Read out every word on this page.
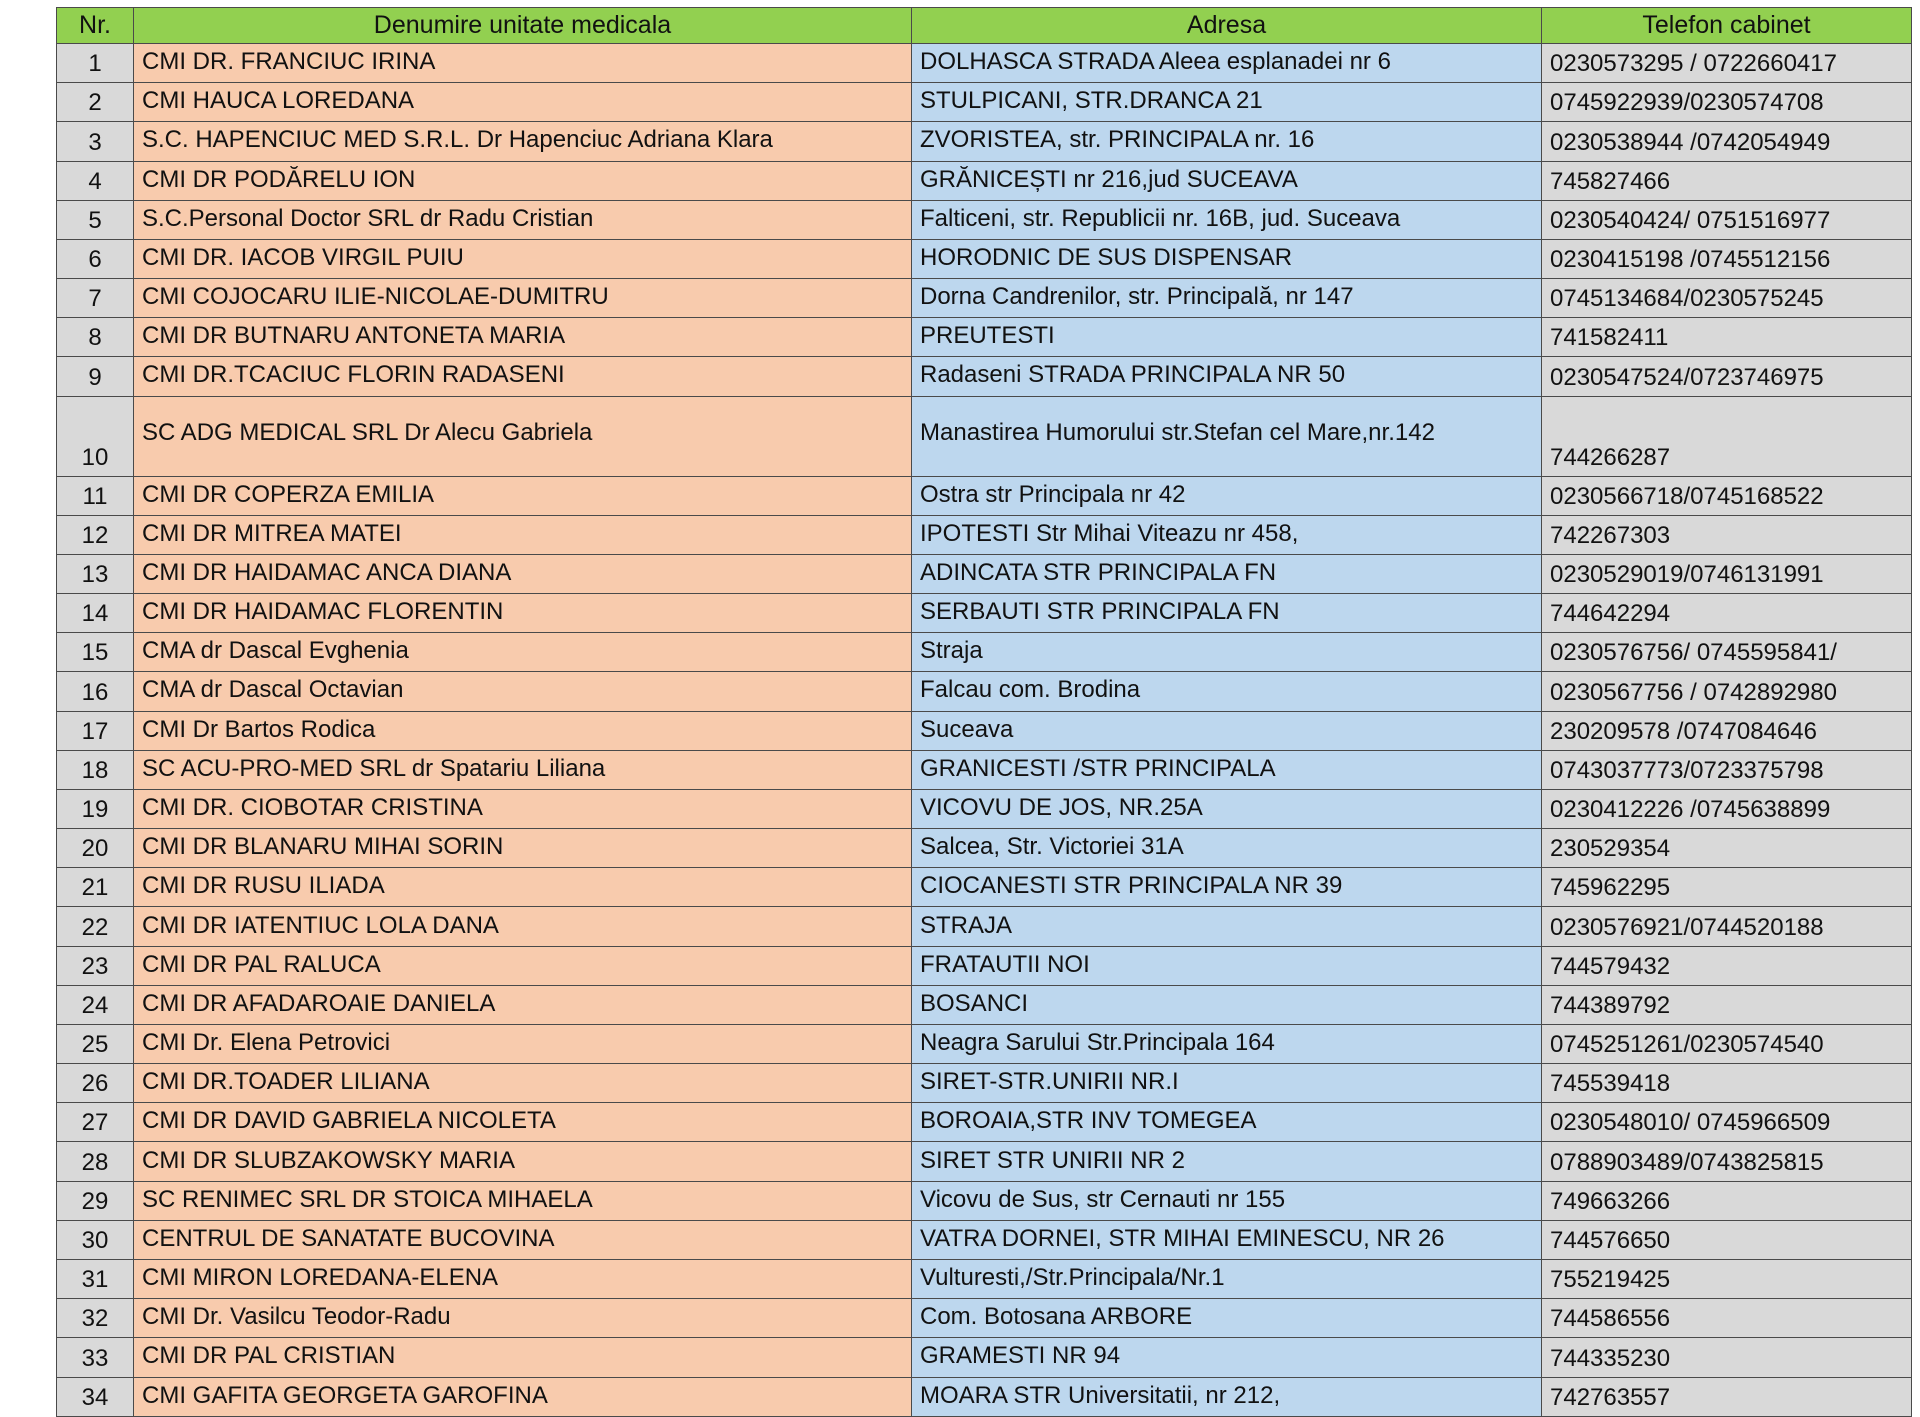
Nr.	Denumire unitate medicala	Adresa	Telefon cabinet
1	CMI DR. FRANCIUC IRINA	DOLHASCA STRADA Aleea esplanadei nr 6	0230573295 / 0722660417
2	CMI HAUCA LOREDANA	STULPICANI, STR.DRANCA 21	0745922939/0230574708
3	S.C. HAPENCIUC MED S.R.L. Dr Hapenciuc Adriana Klara	ZVORISTEA, str. PRINCIPALA nr. 16	0230538944 /0742054949
4	CMI DR PODĂRELU ION	GRĂNICEȘTI nr 216,jud SUCEAVA	745827466
5	S.C.Personal Doctor SRL dr Radu Cristian	Falticeni, str. Republicii nr. 16B, jud. Suceava	0230540424/ 0751516977
6	CMI DR. IACOB VIRGIL PUIU	HORODNIC DE SUS DISPENSAR	0230415198 /0745512156
7	CMI COJOCARU ILIE-NICOLAE-DUMITRU	Dorna Candrenilor, str. Principală, nr 147	0745134684/0230575245
8	CMI DR BUTNARU ANTONETA MARIA	PREUTESTI	741582411
9	CMI DR.TCACIUC FLORIN RADASENI	Radaseni STRADA PRINCIPALA NR 50	0230547524/0723746975
10	SC ADG MEDICAL SRL Dr Alecu Gabriela	Manastirea Humorului str.Stefan cel Mare,nr.142	744266287
11	CMI DR COPERZA EMILIA	Ostra str Principala nr 42	0230566718/0745168522
12	CMI DR MITREA MATEI	IPOTESTI Str Mihai Viteazu nr 458,	742267303
13	CMI DR HAIDAMAC ANCA DIANA	ADINCATA STR PRINCIPALA FN	0230529019/0746131991
14	CMI DR HAIDAMAC FLORENTIN	SERBAUTI STR PRINCIPALA FN	744642294
15	CMA dr Dascal Evghenia	Straja	0230576756/ 0745595841/
16	CMA dr Dascal Octavian	Falcau com. Brodina	0230567756 / 0742892980
17	CMI Dr Bartos Rodica	Suceava	230209578 /0747084646
18	SC ACU-PRO-MED SRL dr Spatariu Liliana	GRANICESTI /STR PRINCIPALA	0743037773/0723375798
19	CMI DR. CIOBOTAR CRISTINA	VICOVU DE JOS, NR.25A	0230412226 /0745638899
20	CMI DR BLANARU MIHAI SORIN	Salcea, Str. Victoriei 31A	230529354
21	CMI DR RUSU ILIADA	CIOCANESTI STR PRINCIPALA NR 39	745962295
22	CMI DR IATENTIUC LOLA DANA	STRAJA	0230576921/0744520188
23	CMI DR PAL RALUCA	FRATAUTII NOI	744579432
24	CMI DR AFADAROAIE DANIELA	BOSANCI	744389792
25	CMI Dr. Elena Petrovici	Neagra Sarului Str.Principala 164	0745251261/0230574540
26	CMI DR.TOADER LILIANA	SIRET-STR.UNIRII NR.I	745539418
27	CMI DR DAVID GABRIELA NICOLETA	BOROAIA,STR INV TOMEGEA	0230548010/ 0745966509
28	CMI DR SLUBZAKOWSKY MARIA	SIRET STR UNIRII NR 2	0788903489/0743825815
29	SC RENIMEC SRL DR STOICA MIHAELA	Vicovu de Sus, str Cernauti nr 155	749663266
30	CENTRUL DE SANATATE BUCOVINA	VATRA DORNEI, STR MIHAI EMINESCU, NR 26	744576650
31	CMI MIRON LOREDANA-ELENA	Vulturesti,/Str.Principala/Nr.1	755219425
32	CMI Dr. Vasilcu Teodor-Radu	Com. Botosana ARBORE	744586556
33	CMI DR PAL CRISTIAN	GRAMESTI NR 94	744335230
34	CMI GAFITA GEORGETA GAROFINA	MOARA STR Universitatii, nr 212,	742763557
